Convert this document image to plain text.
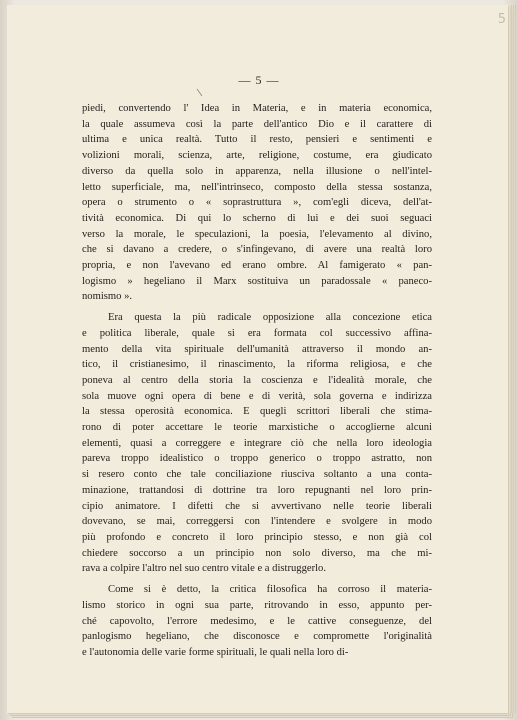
5
— 5 —
piedi, convertendo l' Idea in Materia, e in materia economica,
la quale assumeva così la parte dell'antico Dio e il carattere di
ultima e unica realtà. Tutto il resto, pensieri e sentimenti e
volizioni morali, scienza, arte, religione, costume, era giudicato
diverso da quella solo in apparenza, nella illusione o nell'intel-
letto superficiale, ma, nell'intrinseco, composto della stessa sostanza,
opera o strumento o « soprastruttura », com'egli diceva, dell'at-
tività economica. Di qui lo scherno di lui e dei suoi seguaci
verso la morale, le speculazioni, la poesia, l'elevamento al divino,
che si davano a credere, o s'infingevano, di avere una realtà loro
propria, e non l'avevano ed erano ombre. Al famigerato « pan-
logismo » hegeliano il Marx sostituiva un paradossale « paneco-
nomismo ».
Era questa la più radicale opposizione alla concezione etica
e politica liberale, quale si era formata col successivo affina-
mento della vita spirituale dell'umanità attraverso il mondo an-
tico, il cristianesimo, il rinascimento, la riforma religiosa, e che
poneva al centro della storia la coscienza e l'idealità morale, che
sola muove ogni opera di bene e di verità, sola governa e indirizza
la stessa operosità economica. E quegli scrittori liberali che stima-
rono di poter accettare le teorie marxistiche o accoglierne alcuni
elementi, quasi a correggere e integrare ciò che nella loro ideologia
pareva troppo idealistico o troppo generico o troppo astratto, non
si resero conto che tale conciliazione riusciva soltanto a una conta-
minazione, trattandosi di dottrine tra loro repugnanti nel loro prin-
cipio animatore. I difetti che si avvertivano nelle teorie liberali
dovevano, se mai, correggersi con l'intendere e svolgere in modo
più profondo e concreto il loro principio stesso, e non già col
chiedere soccorso a un principio non solo diverso, ma che mi-
rava a colpire l'altro nel suo centro vitale e a distruggerlo.
Come si è detto, la critica filosofica ha corroso il materia-
lismo storico in ogni sua parte, ritrovando in esso, appunto per-
ché capovolto, l'errore medesimo, e le cattive conseguenze, del
panlogismo hegeliano, che disconosce e compromette l'originalità
e l'autonomia delle varie forme spirituali, le quali nella loro di-
